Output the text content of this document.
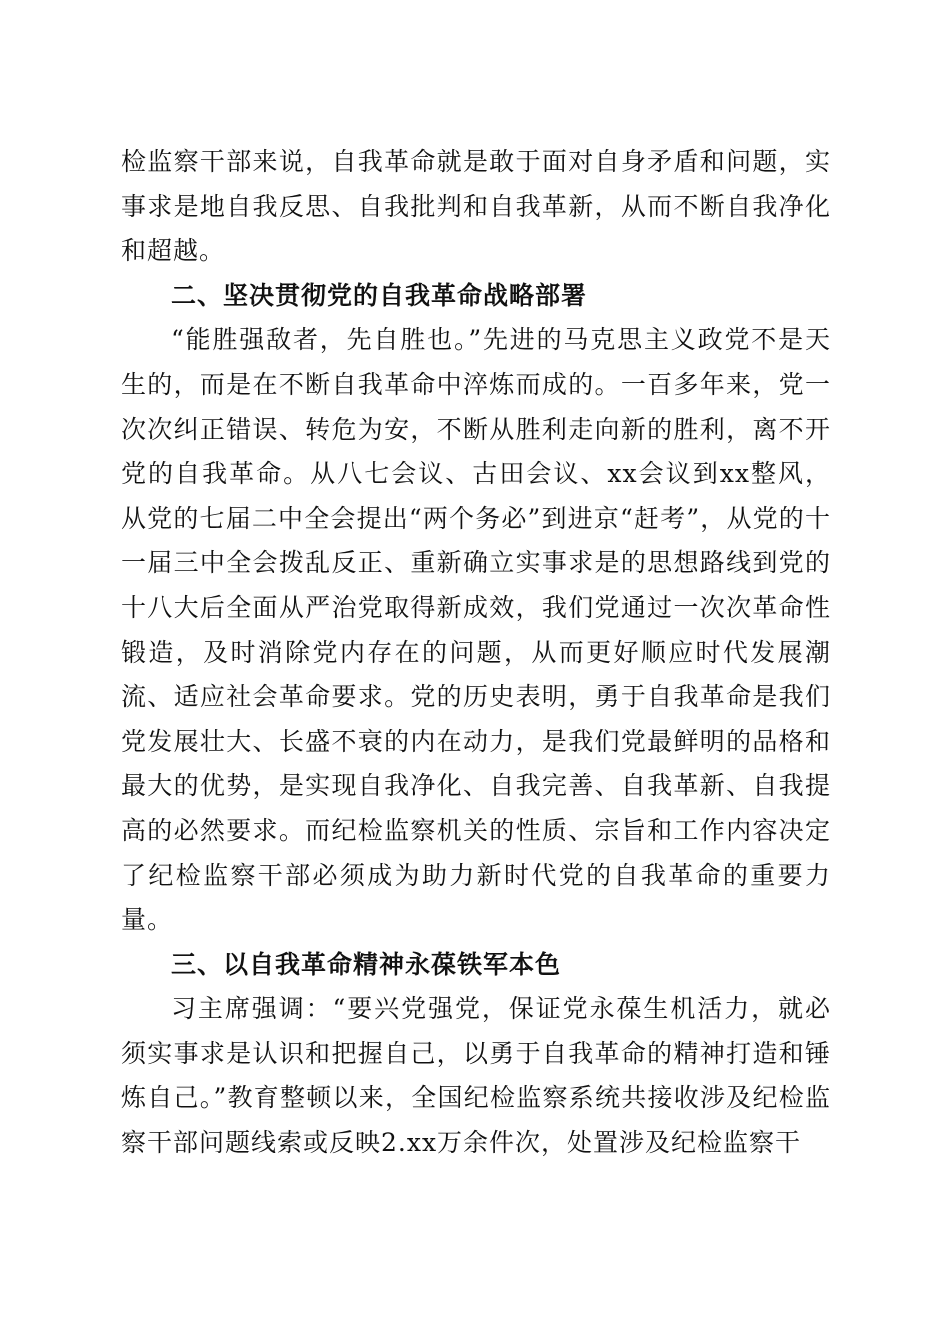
检监察干部来说，自我革命就是敢于面对自身矛盾和问题，实事求是地自我反思、自我批判和自我革新，从而不断自我净化和超越。

二、坚决贯彻党的自我革命战略部署

“能胜强敌者，先自胜也。”先进的马克思主义政党不是天生的，而是在不断自我革命中淬炼而成的。一百多年来，党一次次纠正错误、转危为安，不断从胜利走向新的胜利，离不开党的自我革命。从八七会议、古田会议、xx会议到xx整风，从党的七届二中全会提出“两个务必”到进京“赶考”，从党的十一届三中全会拨乱反正、重新确立实事求是的思想路线到党的十八大后全面从严治党取得新成效，我们党通过一次次革命性锻造，及时消除党内存在的问题，从而更好顺应时代发展潮流、适应社会革命要求。党的历史表明，勇于自我革命是我们党发展壮大、长盛不衰的内在动力，是我们党最鲜明的品格和最大的优势，是实现自我净化、自我完善、自我革新、自我提高的必然要求。而纪检监察机关的性质、宗旨和工作内容决定了纪检监察干部必须成为助力新时代党的自我革命的重要力量。

三、以自我革命精神永葆铁军本色

习主席强调：“要兴党强党，保证党永葆生机活力，就必须实事求是认识和把握自己，以勇于自我革命的精神打造和锤炼自己。”教育整顿以来，全国纪检监察系统共接收涉及纪检监察干部问题线索或反映2.xx万余件次，处置涉及纪检监察干
